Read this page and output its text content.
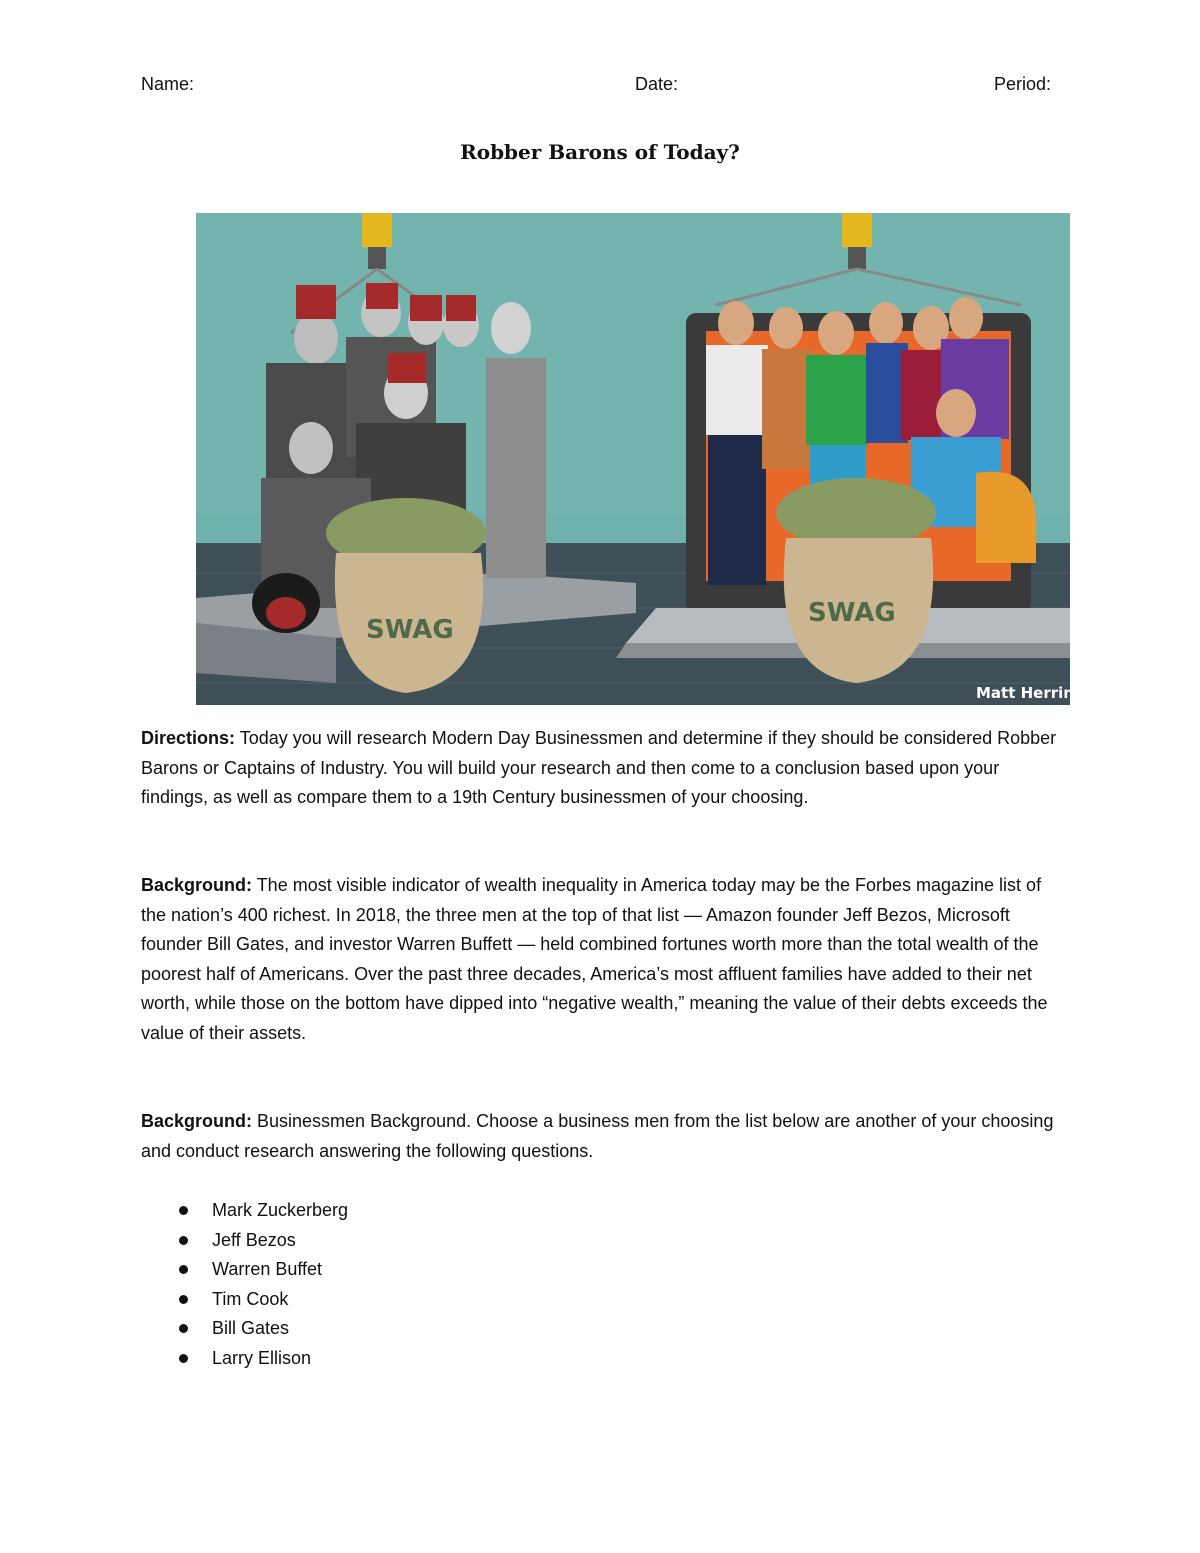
Name:	Date:	Period:
Robber Barons of Today?
SWAG
SWAG
Matt Herring

Directions: Today you will research Modern Day Businessmen and determine if they should be considered Robber Barons or Captains of Industry. You will build your research and then come to a conclusion based upon your findings, as well as compare them to a 19th Century businessmen of your choosing.

Background: The most visible indicator of wealth inequality in America today may be the Forbes magazine list of the nation’s 400 richest. In 2018, the three men at the top of that list — Amazon founder Jeff Bezos, Microsoft founder Bill Gates, and investor Warren Buffett — held combined fortunes worth more than the total wealth of the poorest half of Americans. Over the past three decades, America’s most affluent families have added to their net worth, while those on the bottom have dipped into “negative wealth,” meaning the value of their debts exceeds the value of their assets.

Background: Businessmen Background. Choose a business men from the list below are another of your choosing and conduct research answering the following questions.

Mark Zuckerberg
Jeff Bezos
Warren Buffet
Tim Cook
Bill Gates
Larry Ellison
